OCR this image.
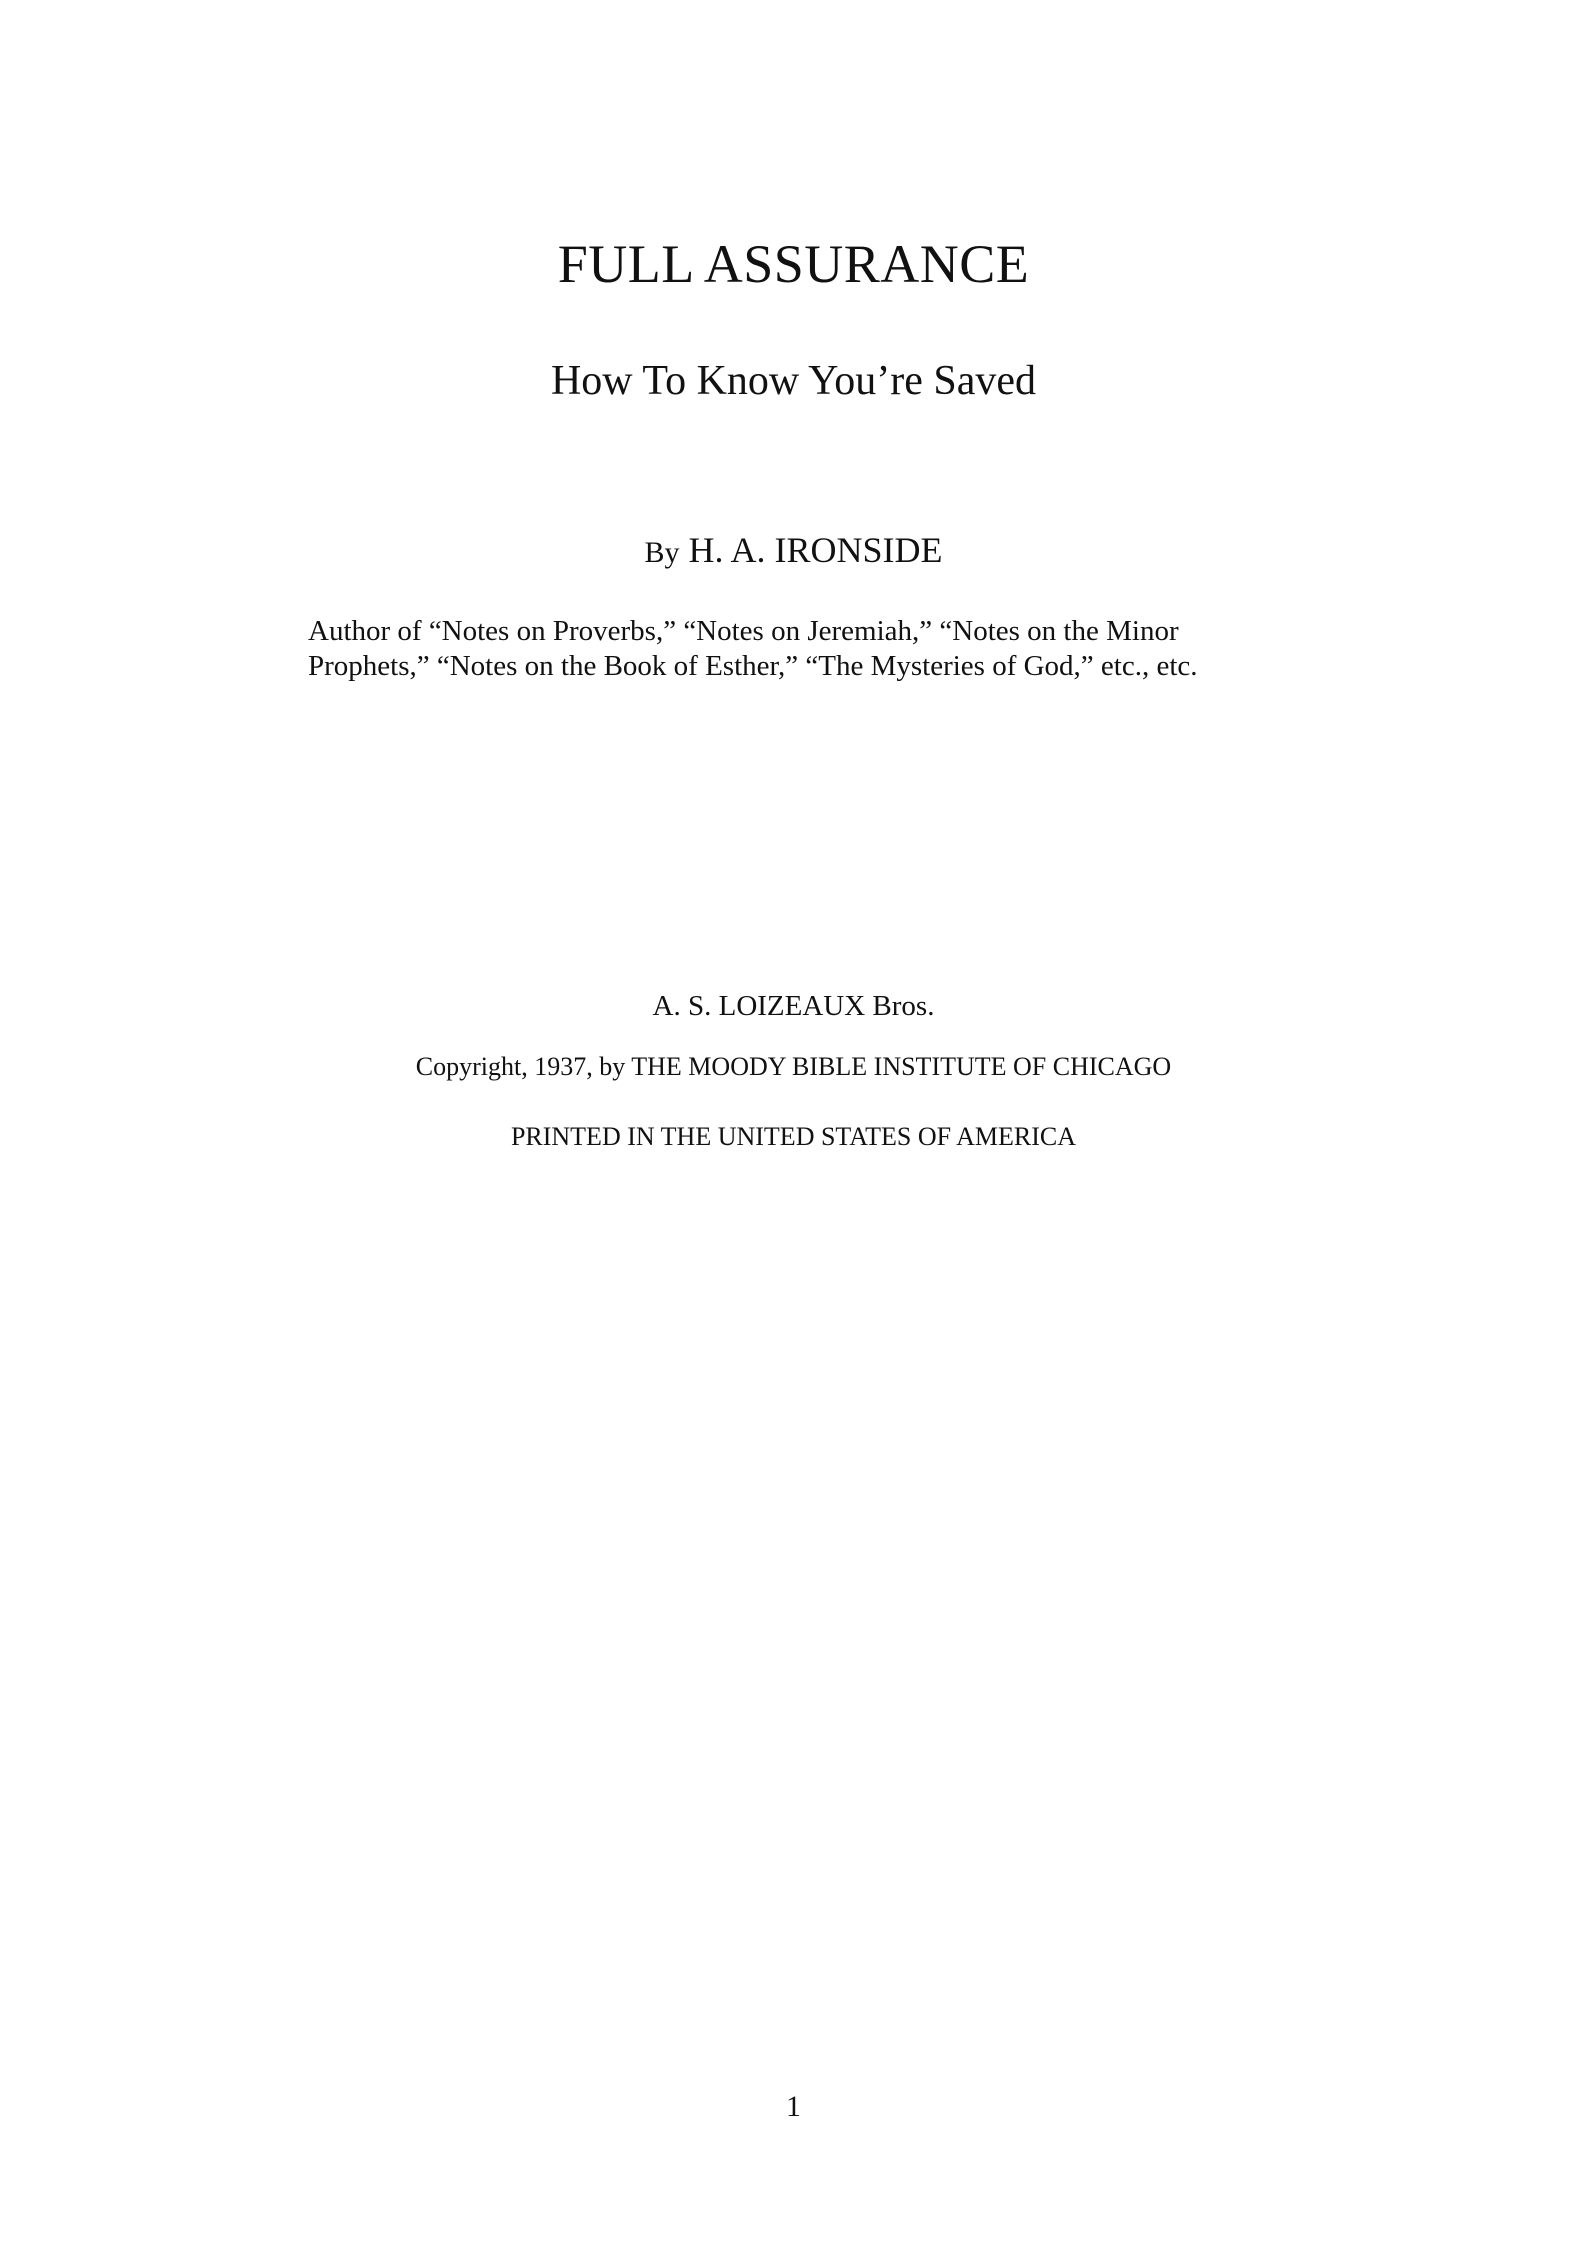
FULL ASSURANCE
How To Know You’re Saved
By H. A. IRONSIDE
Author of “Notes on Proverbs,” “Notes on Jeremiah,” “Notes on the Minor
Prophets,” “Notes on the Book of Esther,” “The Mysteries of God,” etc., etc.
A. S. LOIZEAUX Bros.
Copyright, 1937, by THE MOODY BIBLE INSTITUTE OF CHICAGO
PRINTED IN THE UNITED STATES OF AMERICA
1
